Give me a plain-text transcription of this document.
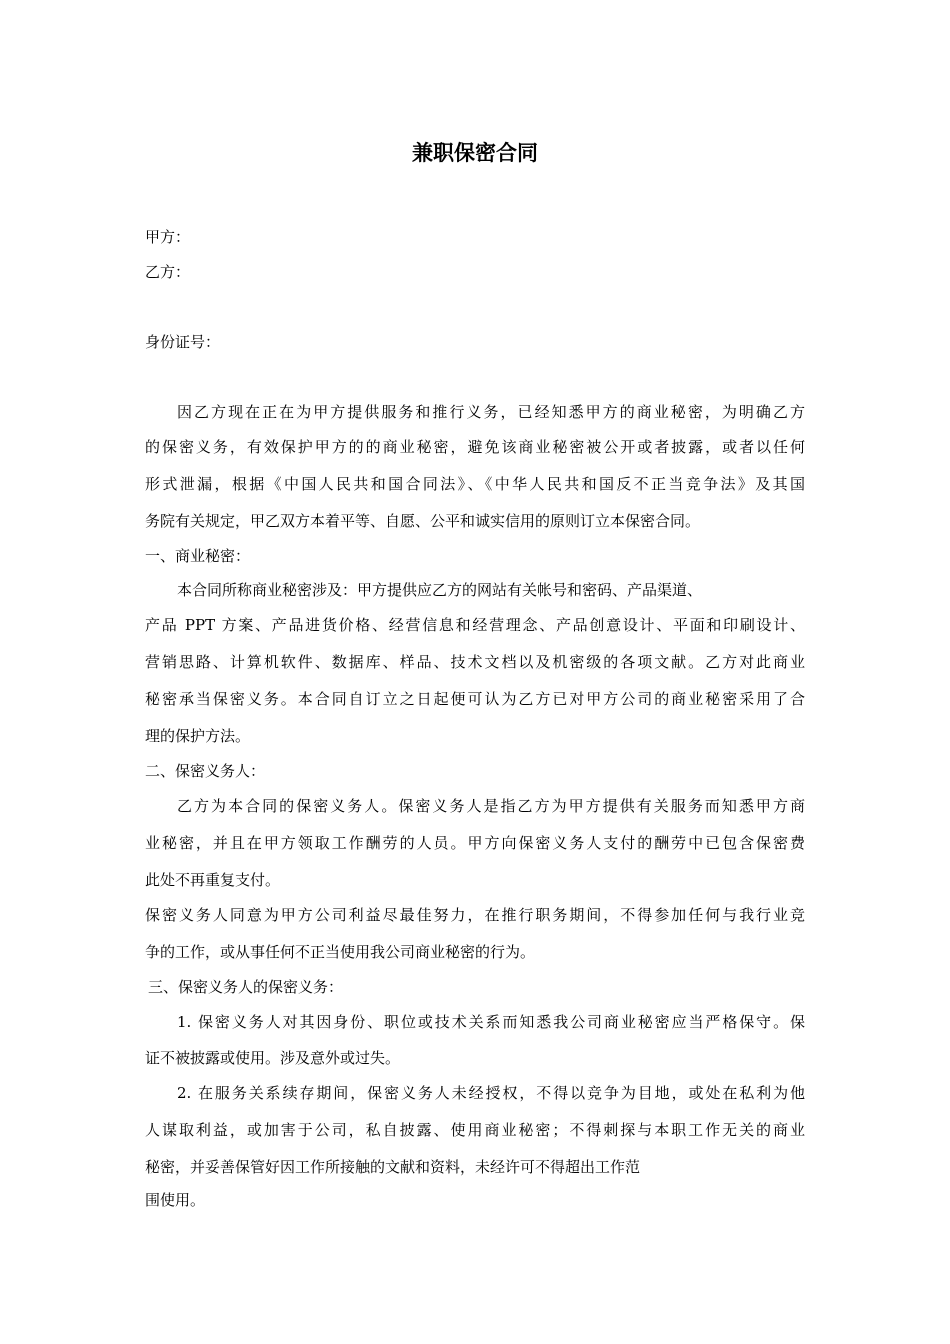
兼职保密合同
甲方：
乙方：
身份证号：
因乙方现在正在为甲方提供服务和推行义务，已经知悉甲方的商业秘密，为明确乙方
的保密义务，有效保护甲方的的商业秘密，避免该商业秘密被公开或者披露，或者以任何
形式泄漏，根据《中国人民共和国合同法》、《中华人民共和国反不正当竞争法》及其国
务院有关规定，甲乙双方本着平等、自愿、公平和诚实信用的原则订立本保密合同。
一、商业秘密：
本合同所称商业秘密涉及：甲方提供应乙方的网站有关帐号和密码、产品渠道、
产品 PPT 方案、产品进货价格、经营信息和经营理念、产品创意设计、平面和印刷设计、
营销思路、计算机软件、数据库、样品、技术文档以及机密级的各项文献。乙方对此商业
秘密承当保密义务。本合同自订立之日起便可认为乙方已对甲方公司的商业秘密采用了合
理的保护方法。
二、保密义务人：
乙方为本合同的保密义务人。保密义务人是指乙方为甲方提供有关服务而知悉甲方商
业秘密，并且在甲方领取工作酬劳的人员。甲方向保密义务人支付的酬劳中已包含保密费
此处不再重复支付。
保密义务人同意为甲方公司利益尽最佳努力，在推行职务期间，不得参加任何与我行业竞
争的工作，或从事任何不正当使用我公司商业秘密的行为。
三、保密义务人的保密义务：
1. 保密义务人对其因身份、职位或技术关系而知悉我公司商业秘密应当严格保守。保
证不被披露或使用。涉及意外或过失。
2. 在服务关系续存期间，保密义务人未经授权，不得以竞争为目地，或处在私利为他
人谋取利益，或加害于公司，私自披露、使用商业秘密；不得刺探与本职工作无关的商业
秘密，并妥善保管好因工作所接触的文献和资料，未经许可不得超出工作范
围使用。
